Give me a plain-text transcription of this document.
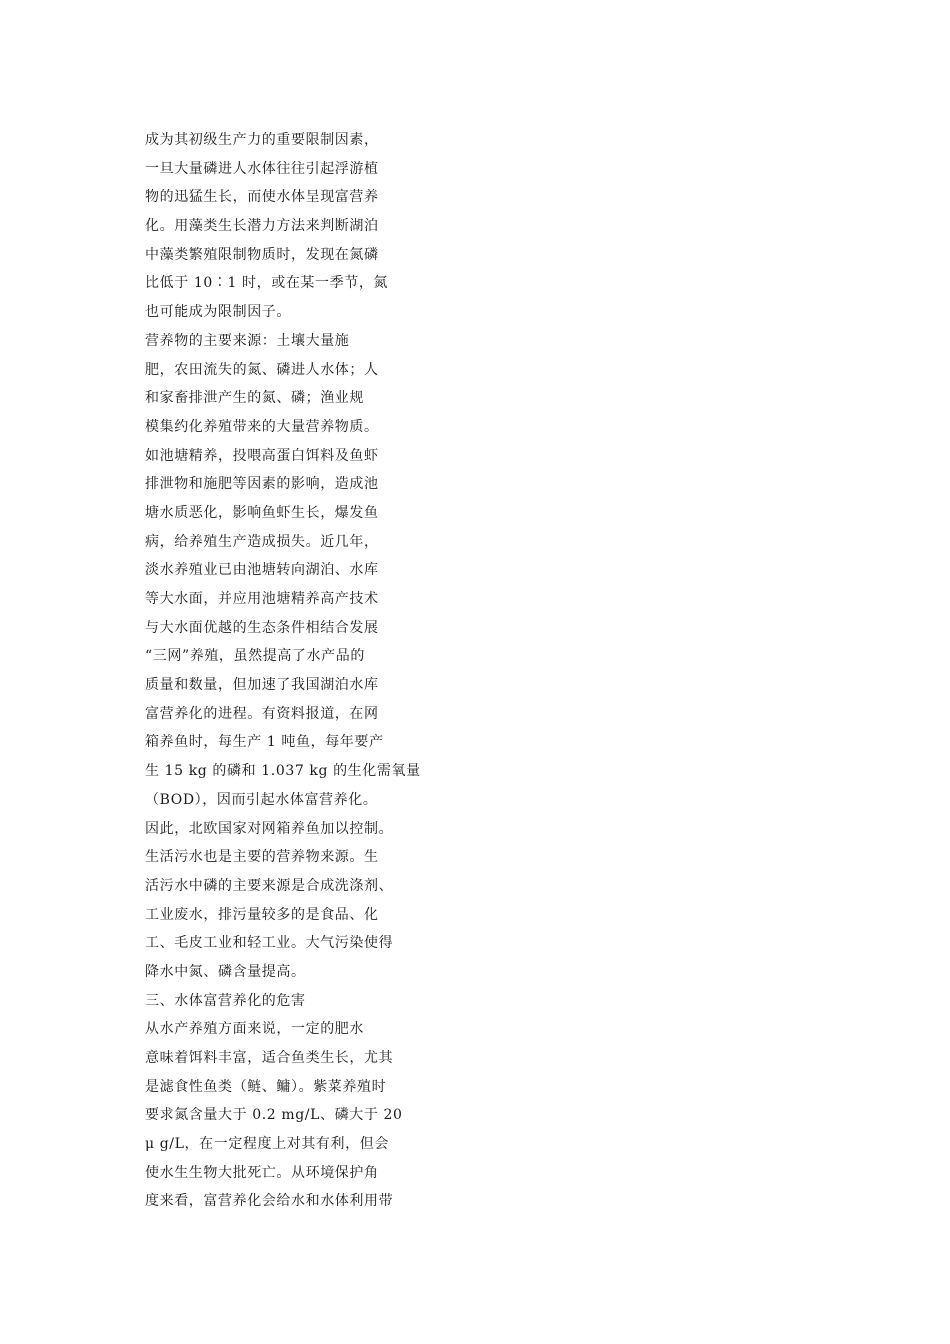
成为其初级生产力的重要限制因素，
一旦大量磷进人水体往往引起浮游植
物的迅猛生长，而使水体呈现富营养
化。用藻类生长潜力方法来判断湖泊
中藻类繁殖限制物质时，发现在氮磷
比低于 10∶1 时，或在某一季节，氮
也可能成为限制因子。
营养物的主要来源：土壤大量施
肥，农田流失的氮、磷进人水体；人
和家畜排泄产生的氮、磷；渔业规
模集约化养殖带来的大量营养物质。
如池塘精养，投喂高蛋白饵料及鱼虾
排泄物和施肥等因素的影响，造成池
塘水质恶化，影响鱼虾生长，爆发鱼
病，给养殖生产造成损失。近几年，
淡水养殖业已由池塘转向湖泊、水库
等大水面，并应用池塘精养高产技术
与大水面优越的生态条件相结合发展
“三网”养殖，虽然提高了水产品的
质量和数量，但加速了我国湖泊水库
富营养化的进程。有资料报道，在网
箱养鱼时，每生产 1 吨鱼，每年要产
生 15 kg 的磷和 1.037 kg 的生化需氧量
（BOD），因而引起水体富营养化。
因此，北欧国家对网箱养鱼加以控制。
生活污水也是主要的营养物来源。生
活污水中磷的主要来源是合成洗涤剂、
工业废水，排污量较多的是食品、化
工、毛皮工业和轻工业。大气污染使得
降水中氮、磷含量提高。
三、水体富营养化的危害
从水产养殖方面来说，一定的肥水
意味着饵料丰富，适合鱼类生长，尤其
是滤食性鱼类（鲢、鳙）。紫菜养殖时
要求氮含量大于 0.2 mg/L、磷大于 20
μ g/L，在一定程度上对其有利，但会
使水生生物大批死亡。从环境保护角
度来看，富营养化会给水和水体利用带
